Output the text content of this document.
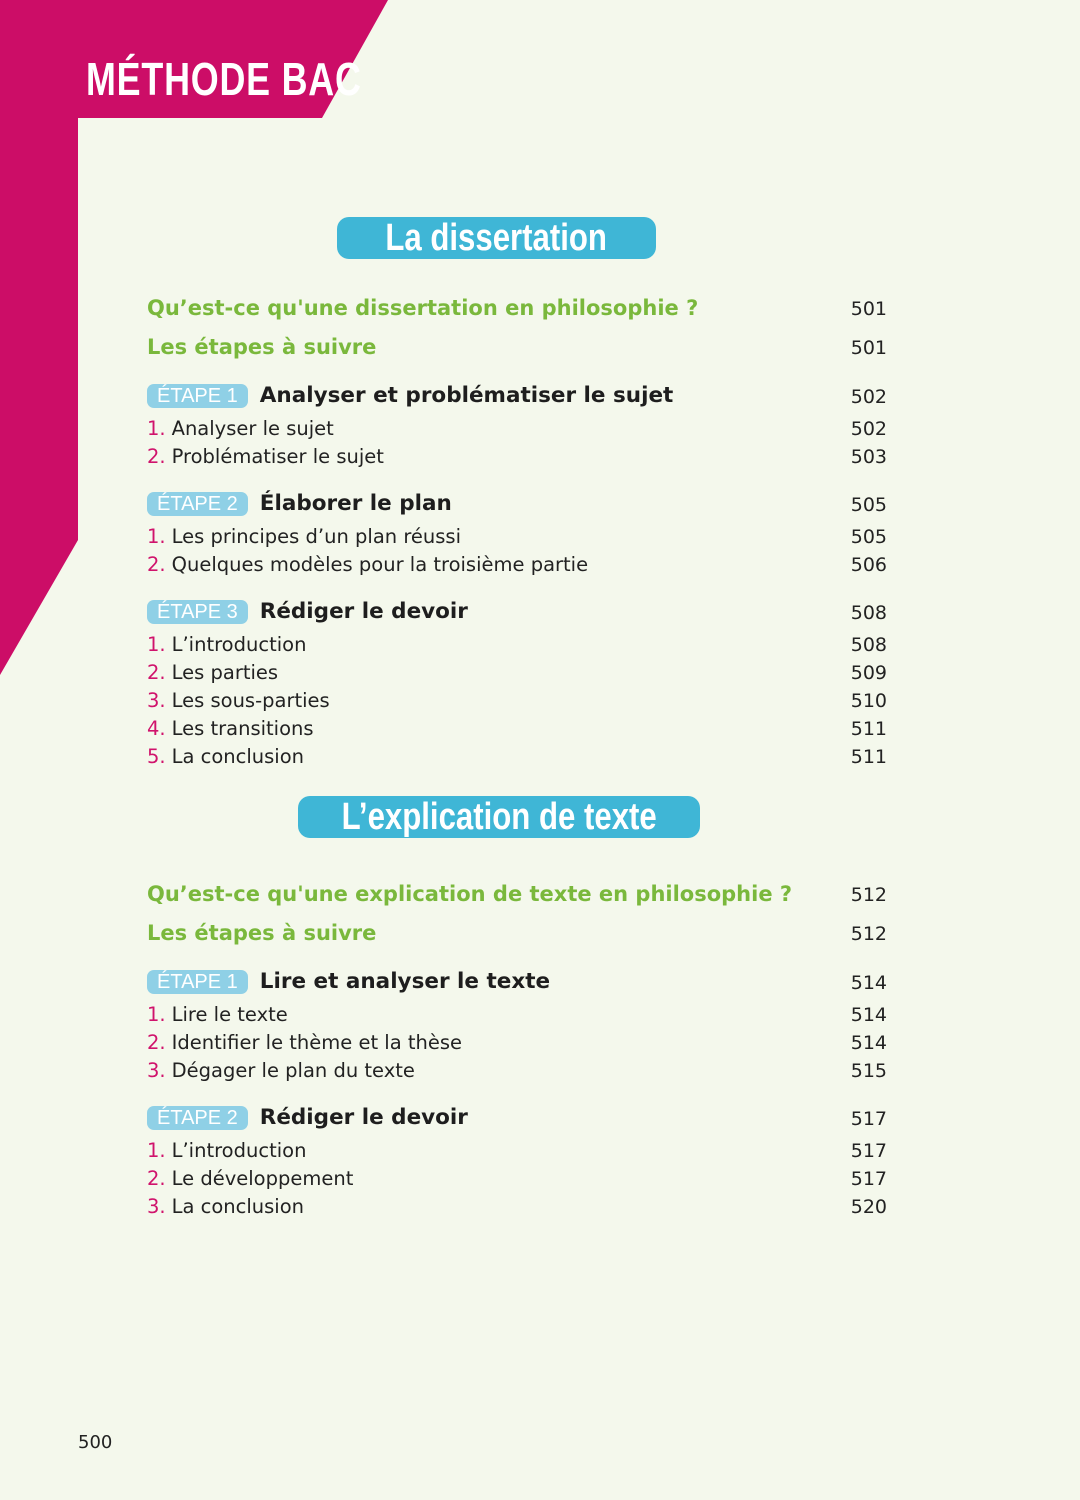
MÉTHODE BAC
La dissertation
Qu’est-ce qu'une dissertation en philosophie ?	501
Les étapes à suivre	501
ÉTAPE 1	Analyser et problématiser le sujet	502
1. Analyser le sujet	502
2. Problématiser le sujet	503
ÉTAPE 2	Élaborer le plan	505
1. Les principes d’un plan réussi	505
2. Quelques modèles pour la troisième partie	506
ÉTAPE 3	Rédiger le devoir	508
1. L’introduction	508
2. Les parties	509
3. Les sous-parties	510
4. Les transitions	511
5. La conclusion	511
L’explication de texte
Qu’est-ce qu'une explication de texte en philosophie ?	512
Les étapes à suivre	512
ÉTAPE 1	Lire et analyser le texte	514
1. Lire le texte	514
2. Identifier le thème et la thèse	514
3. Dégager le plan du texte	515
ÉTAPE 2	Rédiger le devoir	517
1. L’introduction	517
2. Le développement	517
3. La conclusion	520
500
